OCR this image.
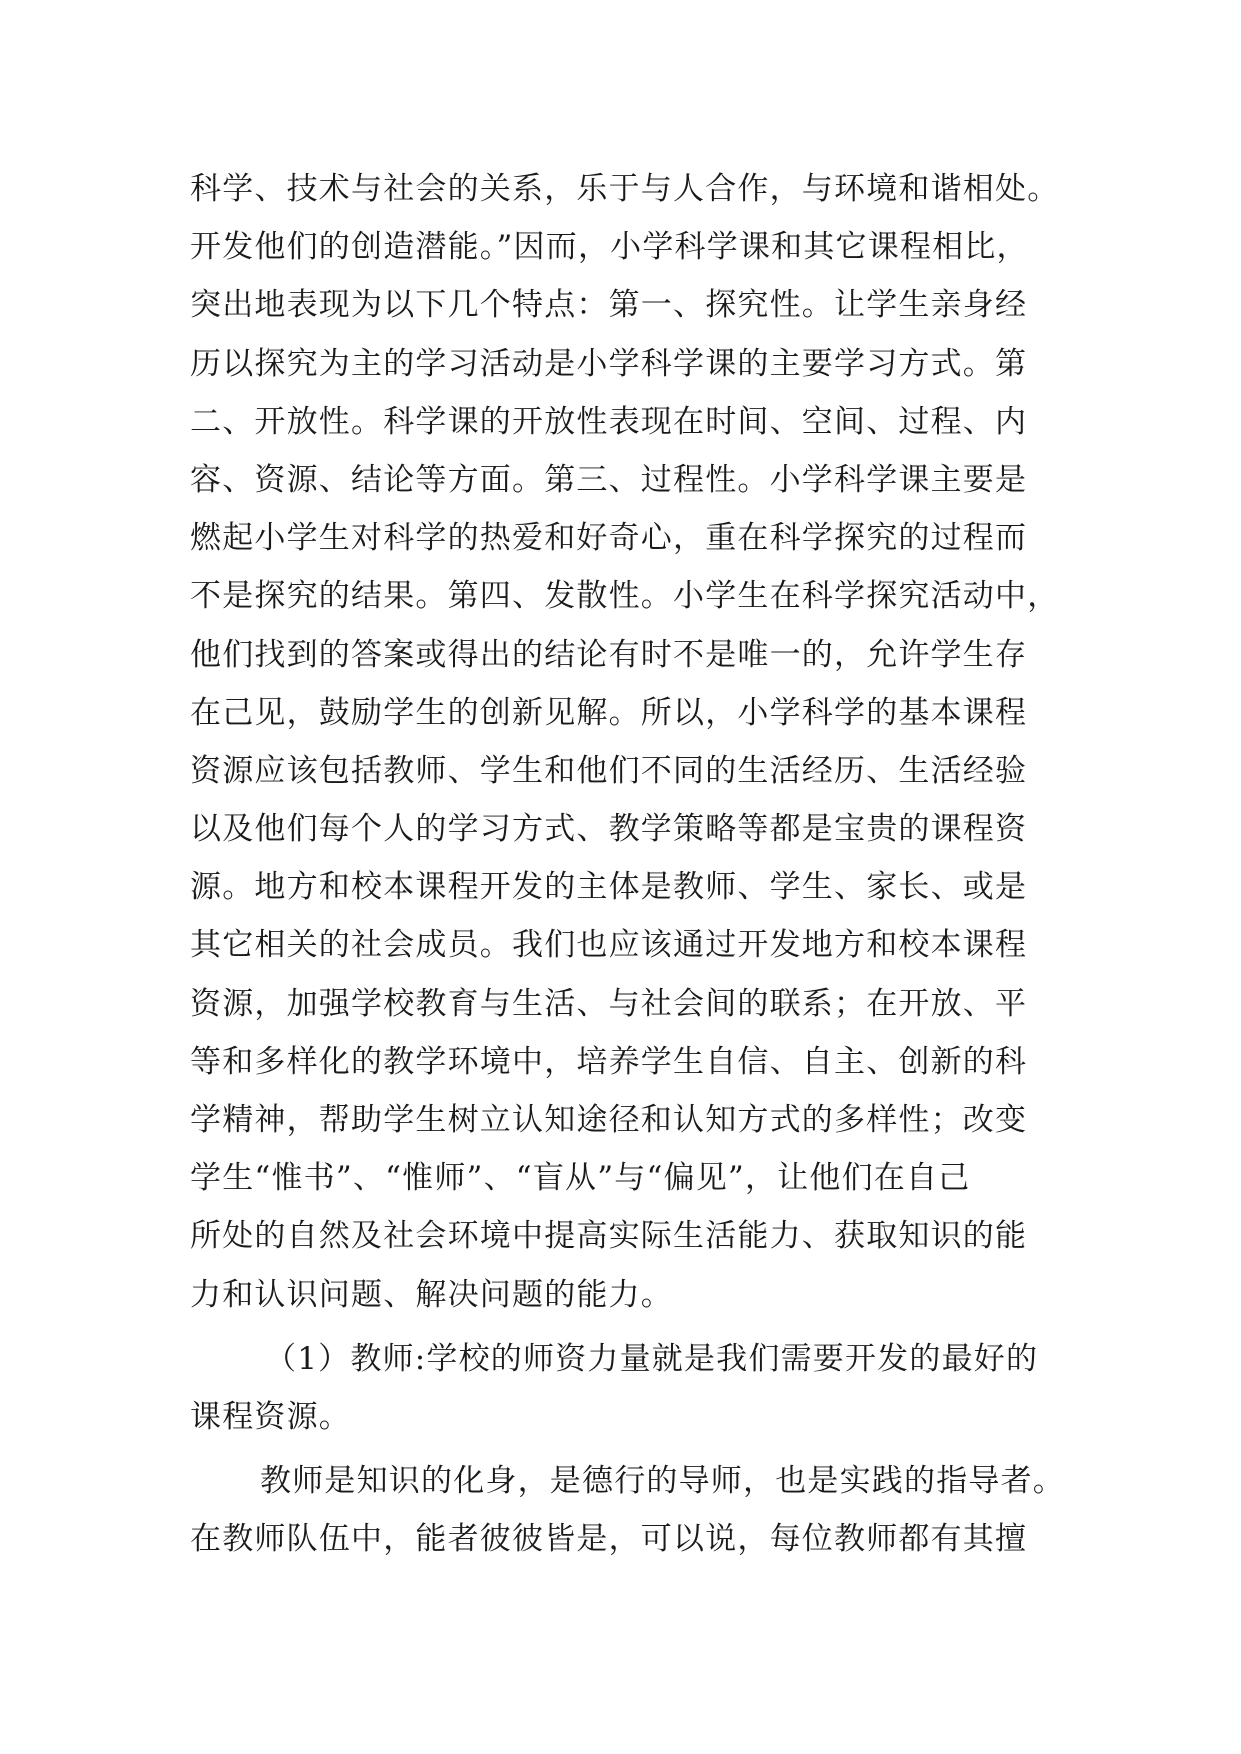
科学、技术与社会的关系，乐于与人合作，与环境和谐相处。
开发他们的创造潜能。”因而，小学科学课和其它课程相比，
突出地表现为以下几个特点：第一、探究性。让学生亲身经
历以探究为主的学习活动是小学科学课的主要学习方式。第
二、开放性。科学课的开放性表现在时间、空间、过程、内
容、资源、结论等方面。第三、过程性。小学科学课主要是
燃起小学生对科学的热爱和好奇心，重在科学探究的过程而
不是探究的结果。第四、发散性。小学生在科学探究活动中，
他们找到的答案或得出的结论有时不是唯一的，允许学生存
在己见，鼓励学生的创新见解。所以，小学科学的基本课程
资源应该包括教师、学生和他们不同的生活经历、生活经验
以及他们每个人的学习方式、教学策略等都是宝贵的课程资
源。地方和校本课程开发的主体是教师、学生、家长、或是
其它相关的社会成员。我们也应该通过开发地方和校本课程
资源，加强学校教育与生活、与社会间的联系；在开放、平
等和多样化的教学环境中，培养学生自信、自主、创新的科
学精神，帮助学生树立认知途径和认知方式的多样性；改变
学生“惟书”、“惟师”、“盲从”与“偏见”，让他们在自己
所处的自然及社会环境中提高实际生活能力、获取知识的能
力和认识问题、解决问题的能力。
（1）教师:学校的师资力量就是我们需要开发的最好的
课程资源。
教师是知识的化身，是德行的导师，也是实践的指导者。
在教师队伍中，能者彼彼皆是，可以说，每位教师都有其擅
